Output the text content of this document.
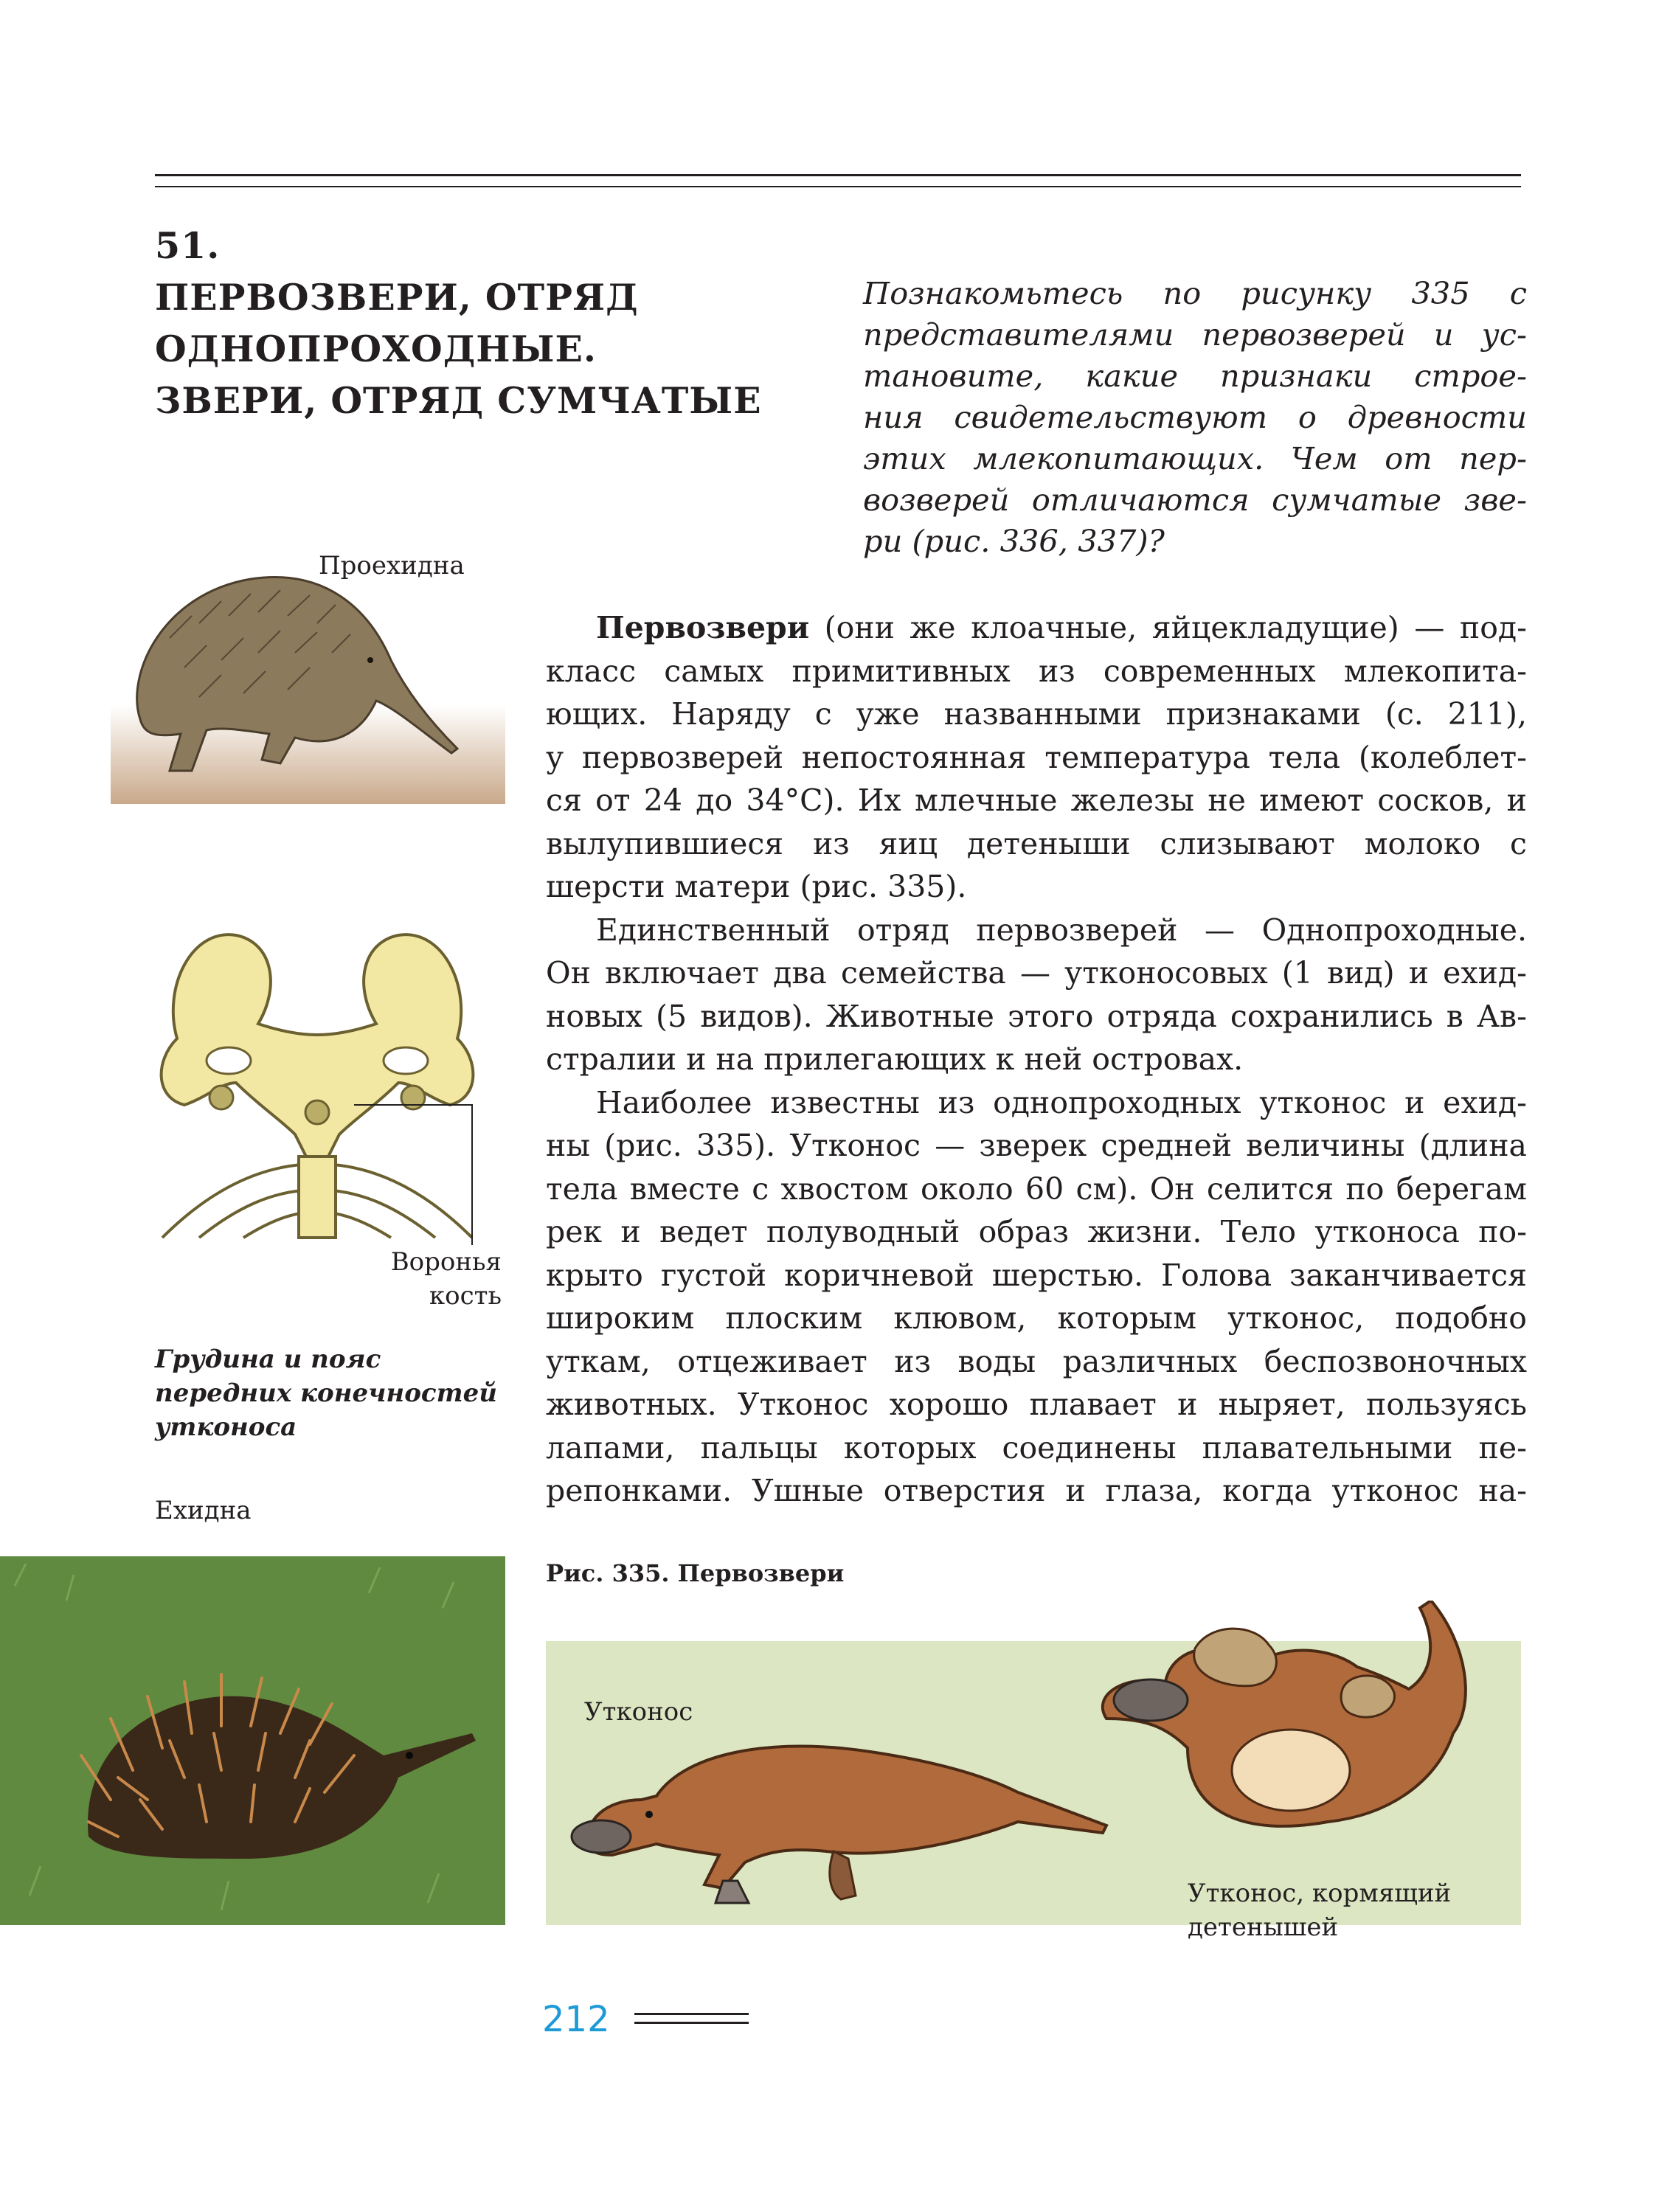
51.
ПЕРВОЗВЕРИ, ОТРЯД
ОДНОПРОХОДНЫЕ.
ЗВЕРИ, ОТРЯД СУМЧАТЫЕ
Познакомьтесь по рисунку 335 с
представителями первозверей и ус-
тановите, какие признаки строе-
ния свидетельствуют о древности
этих млекопитающих. Чем от пер-
возверей отличаются сумчатые зве-
ри (рис. 336, 337)?
Первозвери (они же клоачные, яйцекладущие) — под-
класс самых примитивных из современных млекопита-
ющих. Наряду с уже названными признаками (с. 211),
у первозверей непостоянная температура тела (колеблет-
ся от 24 до 34°С). Их млечные железы не имеют сосков, и
вылупившиеся из яиц детеныши слизывают молоко с
шерсти матери (рис. 335).
Единственный отряд первозверей — Однопроходные.
Он включает два семейства — утконосовых (1 вид) и ехид-
новых (5 видов). Животные этого отряда сохранились в Ав-
стралии и на прилегающих к ней островах.
Наиболее известны из однопроходных утконос и ехид-
ны (рис. 335). Утконос — зверек средней величины (длина
тела вместе с хвостом около 60 см). Он селится по берегам
рек и ведет полуводный образ жизни. Тело утконоса по-
крыто густой коричневой шерстью. Голова заканчивается
широким плоским клювом, которым утконос, подобно
уткам, отцеживает из воды различных беспозвоночных
животных. Утконос хорошо плавает и ныряет, пользуясь
лапами, пальцы которых соединены плавательными пе-
репонками. Ушные отверстия и глаза, когда утконос на-
Проехидна
Воронья
кость
Грудина и пояс
передних конечностей
утконоса
Ехидна
Рис. 335. Первозвери
Утконос
Утконос, кормящий
детенышей
212
